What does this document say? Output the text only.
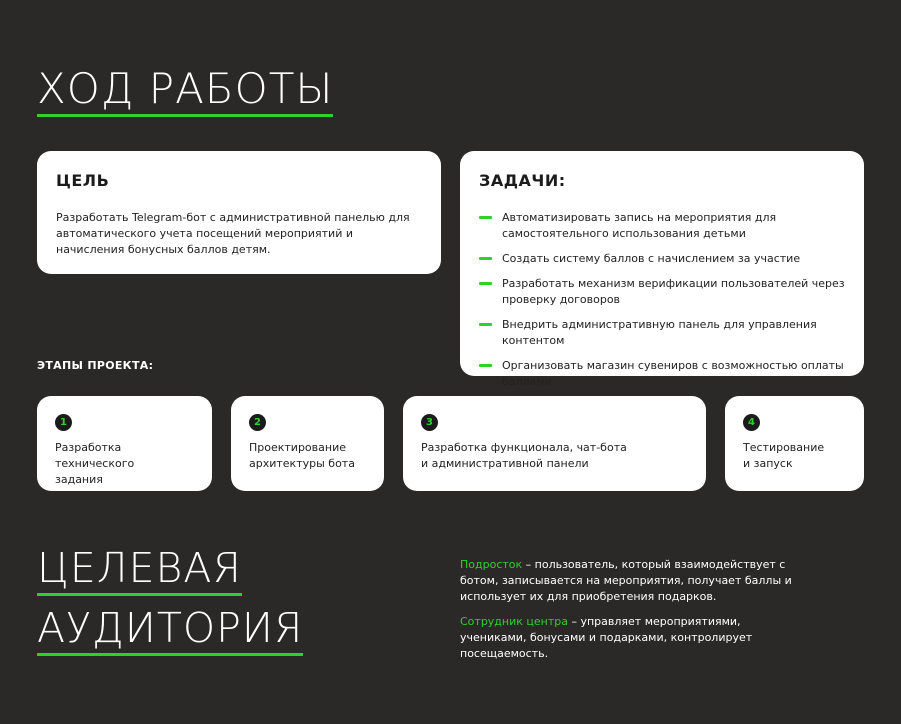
ХОД РАБОТЫ
ЦЕЛЬ

Разработать Telegram-бот с административной панелью для автоматического учета посещений мероприятий и начисления бонусных баллов детям.

ЗАДАЧИ:
Автоматизировать запись на мероприятия для самостоятельного использования детьми
Создать систему баллов с начислением за участие
Разработать механизм верификации пользователей через проверку договоров
Внедрить административную панель для управления контентом
Организовать магазин сувениров с возможностью оплаты баллами
ЭТАПЫ ПРОЕКТА:
1

Разработка технического
задания

2

Проектирование
архитектуры бота

3

Разработка функционала, чат-бота
и административной панели

4

Тестирование
и запуск

ЦЕЛЕВАЯ
АУДИТОРИЯ

Подросток – пользователь, который взаимодействует с ботом, записывается на мероприятия, получает баллы и использует их для приобретения подарков.

Сотрудник центра – управляет мероприятиями, учениками, бонусами и подарками, контролирует посещаемость.
